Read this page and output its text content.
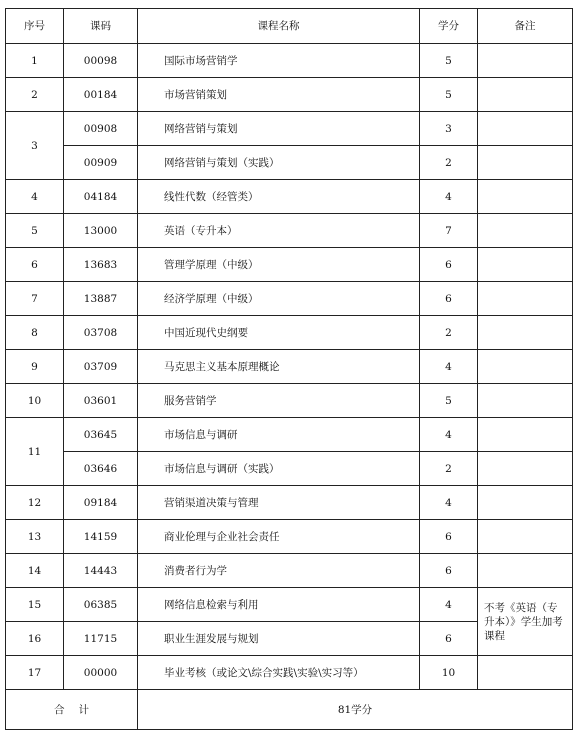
序号	课码	课程名称	学分	备注
1	00098	国际市场营销学	5	
2	00184	市场营销策划	5	
3	00908	网络营销与策划	3	
	00909	网络营销与策划（实践）	2	
4	04184	线性代数（经管类）	4	
5	13000	英语（专升本）	7	
6	13683	管理学原理（中级）	6	
7	13887	经济学原理（中级）	6	
8	03708	中国近现代史纲要	2	
9	03709	马克思主义基本原理概论	4	
10	03601	服务营销学	5	
11	03645	市场信息与调研	4	
	03646	市场信息与调研（实践）	2	
12	09184	营销渠道决策与管理	4	
13	14159	商业伦理与企业社会责任	6	
14	14443	消费者行为学	6	
15	06385	网络信息检索与利用	4	不考《英语（专升本）》学生加考课程
16	11715	职业生涯发展与规划	6	
17	00000	毕业考核（或论文\综合实践\实验\实习等）	10	
合计		81学分		
